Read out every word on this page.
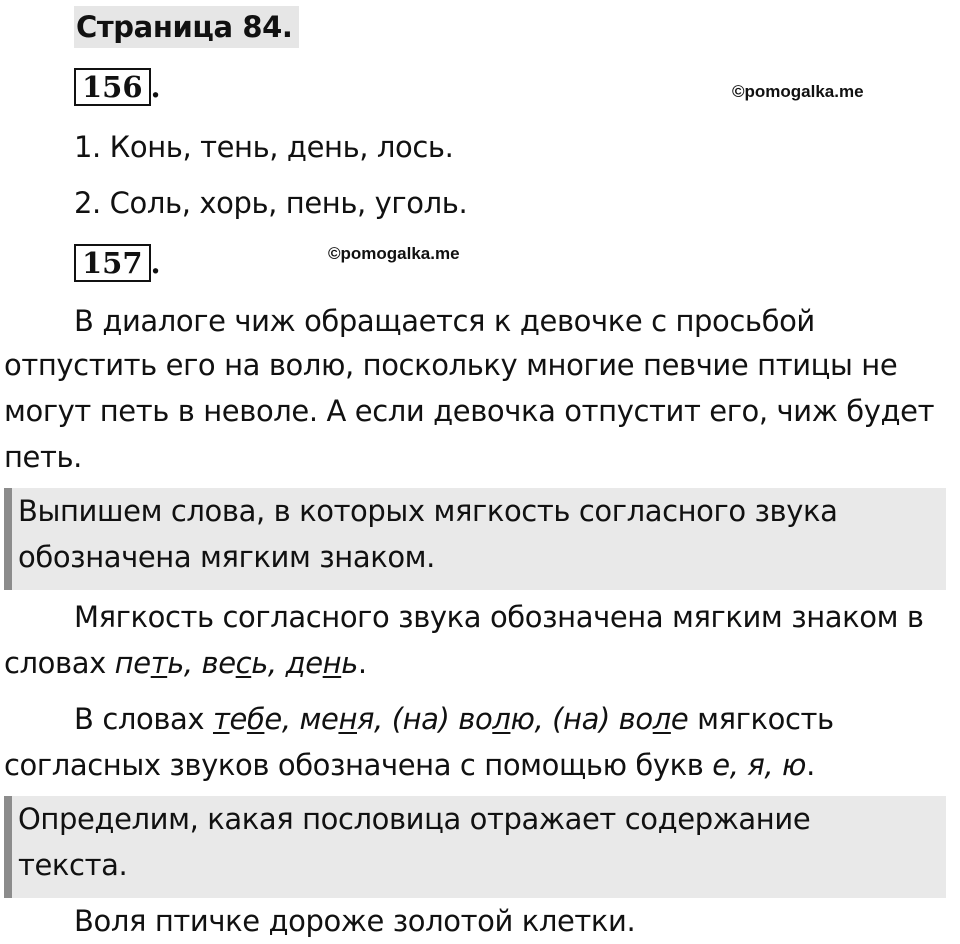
Страница 84.
156 .	©pomogalka.me
1. Конь, тень, день, лось.
2. Соль, хорь, пень, уголь.
157 .	©pomogalka.me
В диалоге чиж обращается к девочке с просьбой
отпустить его на волю, поскольку многие певчие птицы не
могут петь в неволе. А если девочка отпустит его, чиж будет
петь.
Выпишем слова, в которых мягкость согласного звука
обозначена мягким знаком.
Мягкость согласного звука обозначена мягким знаком в
словах петь, весь, день.
В словах тебе, меня, (на) волю, (на) воле мягкость
согласных звуков обозначена с помощью букв е, я, ю.
Определим, какая пословица отражает содержание
текста.
Воля птичке дороже золотой клетки.
